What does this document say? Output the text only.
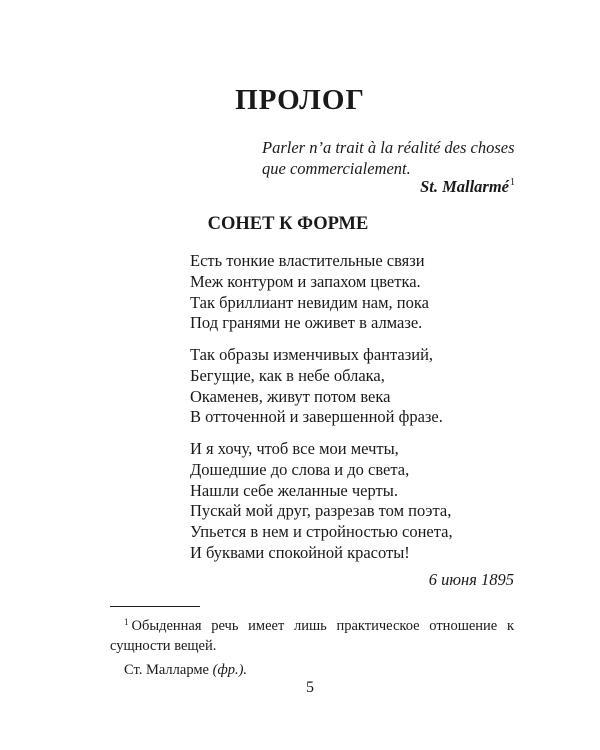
ПРОЛОГ
Parler n’a trait à la réalité des choses
que commercialement.
St. Mallarmé$^1$
СОНЕТ К ФОРМЕ
Есть тонкие властительные связи
Меж контуром и запахом цветка.
Так бриллиант невидим нам, пока
Под гранями не оживет в алмазе.
Так образы изменчивых фантазий,
Бегущие, как в небе облака,
Окаменев, живут потом века
В отточенной и завершенной фразе.
И я хочу, чтоб все мои мечты,
Дошедшие до слова и до света,
Нашли себе желанные черты.
Пускай мой друг, разрезав том поэта,
Упьется в нем и стройностью сонета,
И буквами спокойной красоты!
6 июня 1895
$^1$ Обыденная речь имеет лишь практическое отношение к сущности вещей.
Ст. Малларме (фр.).
5
